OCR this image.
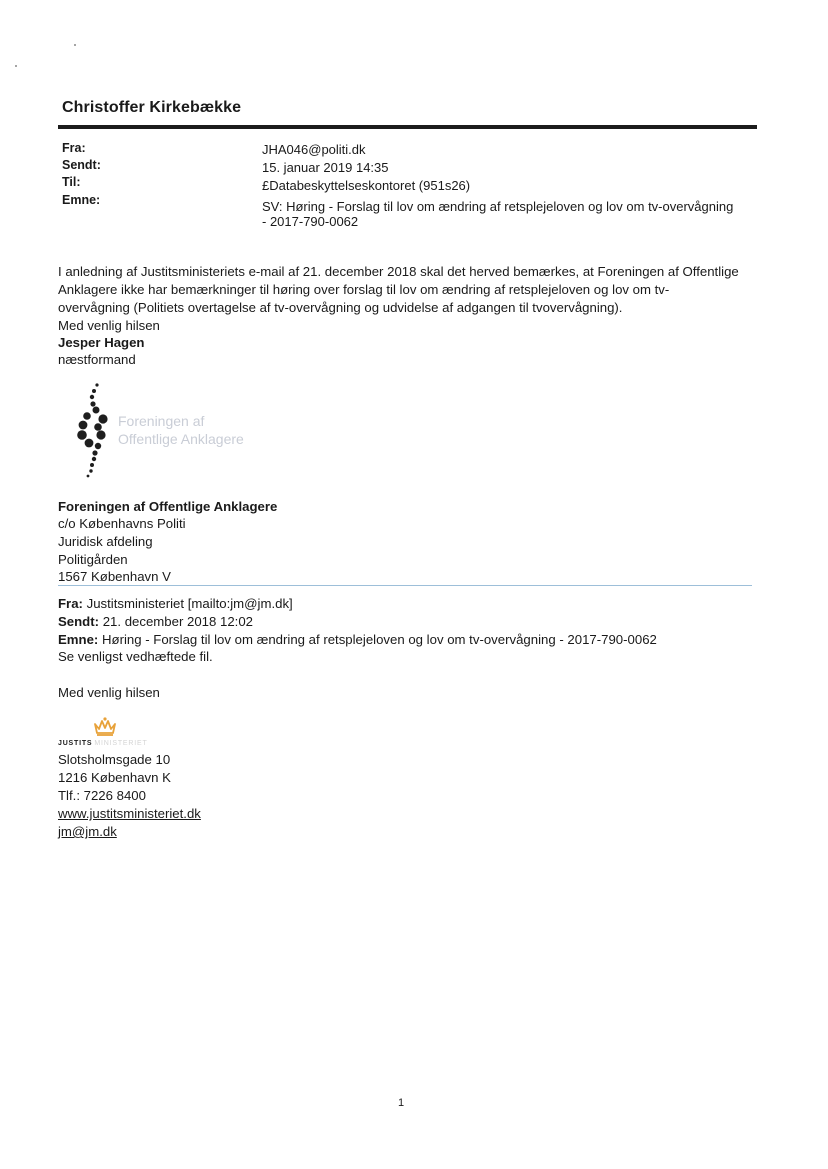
Christoffer Kirkebække
Fra:	JHA046@politi.dk
Sendt:	15. januar 2019 14:35
Til:	£Databeskyttelseskontoret (951s26)
Emne:	SV: Høring - Forslag til lov om ændring af retsplejeloven og lov om tv-overvågning
- 2017-790-0062
I anledning af Justitsministeriets e-mail af 21. december 2018 skal det herved bemærkes, at Foreningen af Offentlige
Anklagere ikke har bemærkninger til høring over forslag til lov om ændring af retsplejeloven og lov om tv-
overvågning (Politiets overtagelse af tv-overvågning og udvidelse af adgangen til tvovervågning).
Med venlig hilsen
Jesper Hagen
næstformand
Foreningen af
Offentlige Anklagere
Foreningen af Offentlige Anklagere
c/o Københavns Politi
Juridisk afdeling
Politigården
1567 København V
Fra: Justitsministeriet [mailto:jm@jm.dk]
Sendt: 21. december 2018 12:02
Emne: Høring - Forslag til lov om ændring af retsplejeloven og lov om tv-overvågning - 2017-790-0062
Se venligst vedhæftede fil.
Med venlig hilsen
JUSTITS MINISTERIET
Slotsholmsgade 10
1216 København K
Tlf.: 7226 8400
www.justitsministeriet.dk
jm@jm.dk
1
